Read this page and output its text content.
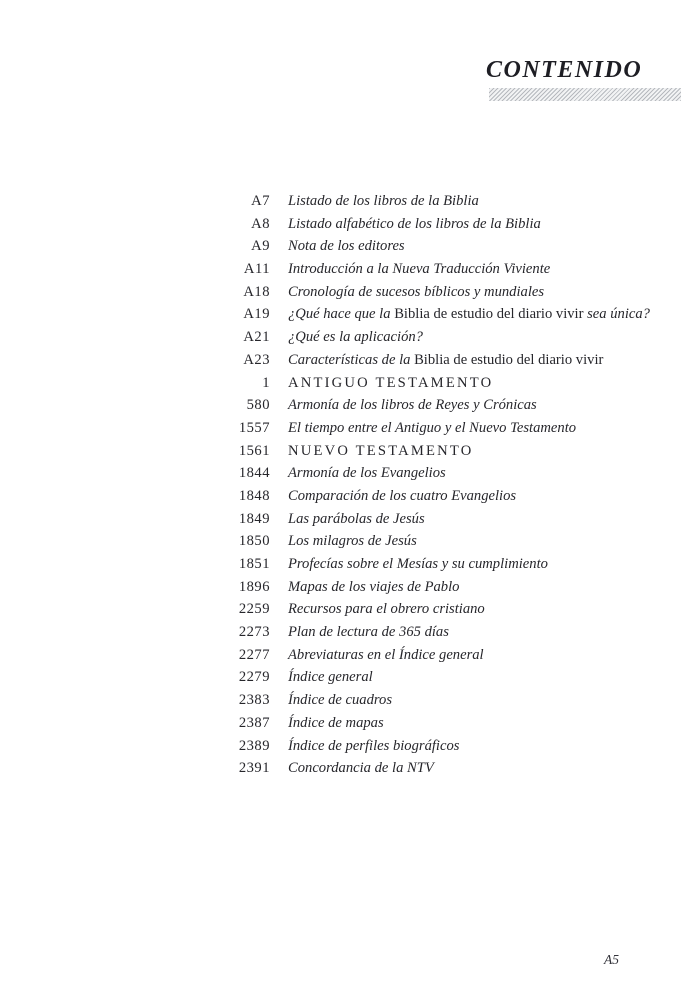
CONTENIDO
A7 Listado de los libros de la Biblia
A8 Listado alfabético de los libros de la Biblia
A9 Nota de los editores
A11 Introducción a la Nueva Traducción Viviente
A18 Cronología de sucesos bíblicos y mundiales
A19 ¿Qué hace que la Biblia de estudio del diario vivir sea única?
A21 ¿Qué es la aplicación?
A23 Características de la Biblia de estudio del diario vivir
1 ANTIGUO TESTAMENTO
580 Armonía de los libros de Reyes y Crónicas
1557 El tiempo entre el Antiguo y el Nuevo Testamento
1561 NUEVO TESTAMENTO
1844 Armonía de los Evangelios
1848 Comparación de los cuatro Evangelios
1849 Las parábolas de Jesús
1850 Los milagros de Jesús
1851 Profecías sobre el Mesías y su cumplimiento
1896 Mapas de los viajes de Pablo
2259 Recursos para el obrero cristiano
2273 Plan de lectura de 365 días
2277 Abreviaturas en el Índice general
2279 Índice general
2383 Índice de cuadros
2387 Índice de mapas
2389 Índice de perfiles biográficos
2391 Concordancia de la NTV
A5
